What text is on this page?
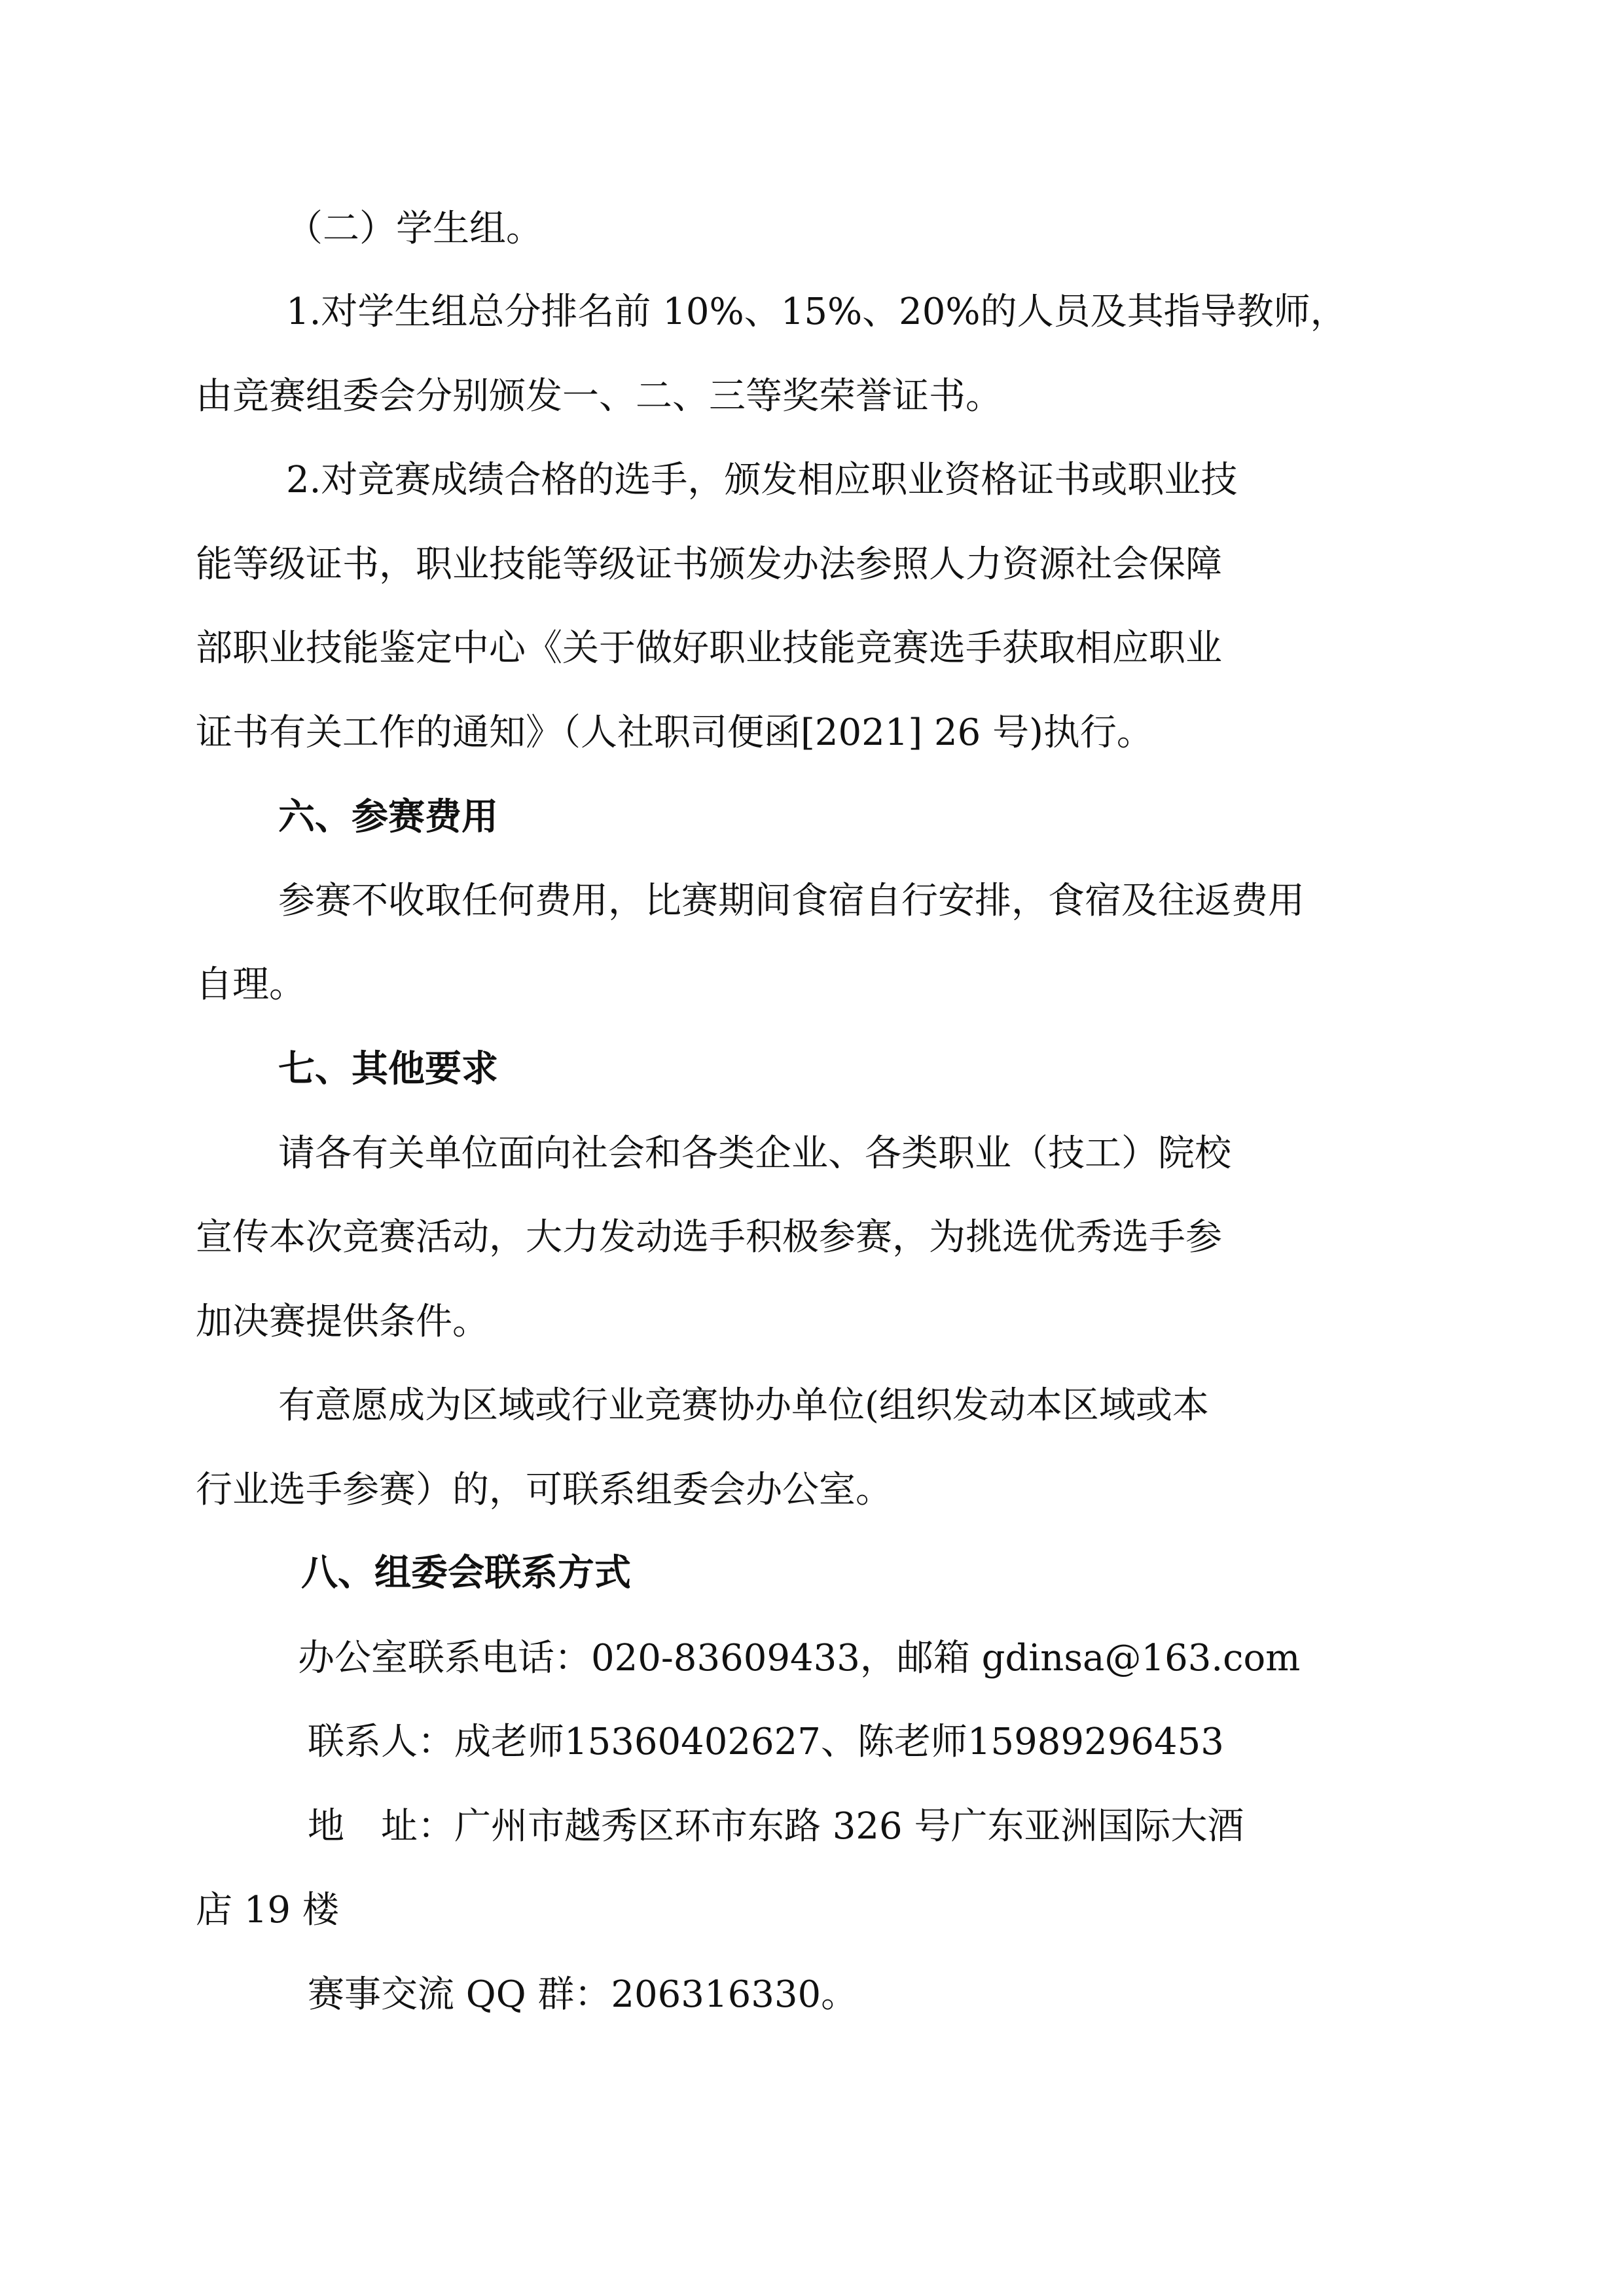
（二）学生组。
1.对学生组总分排名前 10%、15%、20%的人员及其指导教师，
由竞赛组委会分别颁发一、二、三等奖荣誉证书。
2.对竞赛成绩合格的选手，颁发相应职业资格证书或职业技
能等级证书，职业技能等级证书颁发办法参照人力资源社会保障
部职业技能鉴定中心《关于做好职业技能竞赛选手获取相应职业
证书有关工作的通知》（人社职司便函[2021] 26 号)执行。
六、参赛费用
参赛不收取任何费用，比赛期间食宿自行安排，食宿及往返费用
自理。
七、其他要求
请各有关单位面向社会和各类企业、各类职业（技工）院校
宣传本次竞赛活动，大力发动选手积极参赛，为挑选优秀选手参
加决赛提供条件。
有意愿成为区域或行业竞赛协办单位(组织发动本区域或本
行业选手参赛）的，可联系组委会办公室。
八、组委会联系方式
办公室联系电话：020-83609433，邮箱 gdinsa@163.com
联系人：成老师15360402627、陈老师15989296453
地　址：广州市越秀区环市东路 326 号广东亚洲国际大酒
店 19 楼
赛事交流 QQ 群：206316330。
